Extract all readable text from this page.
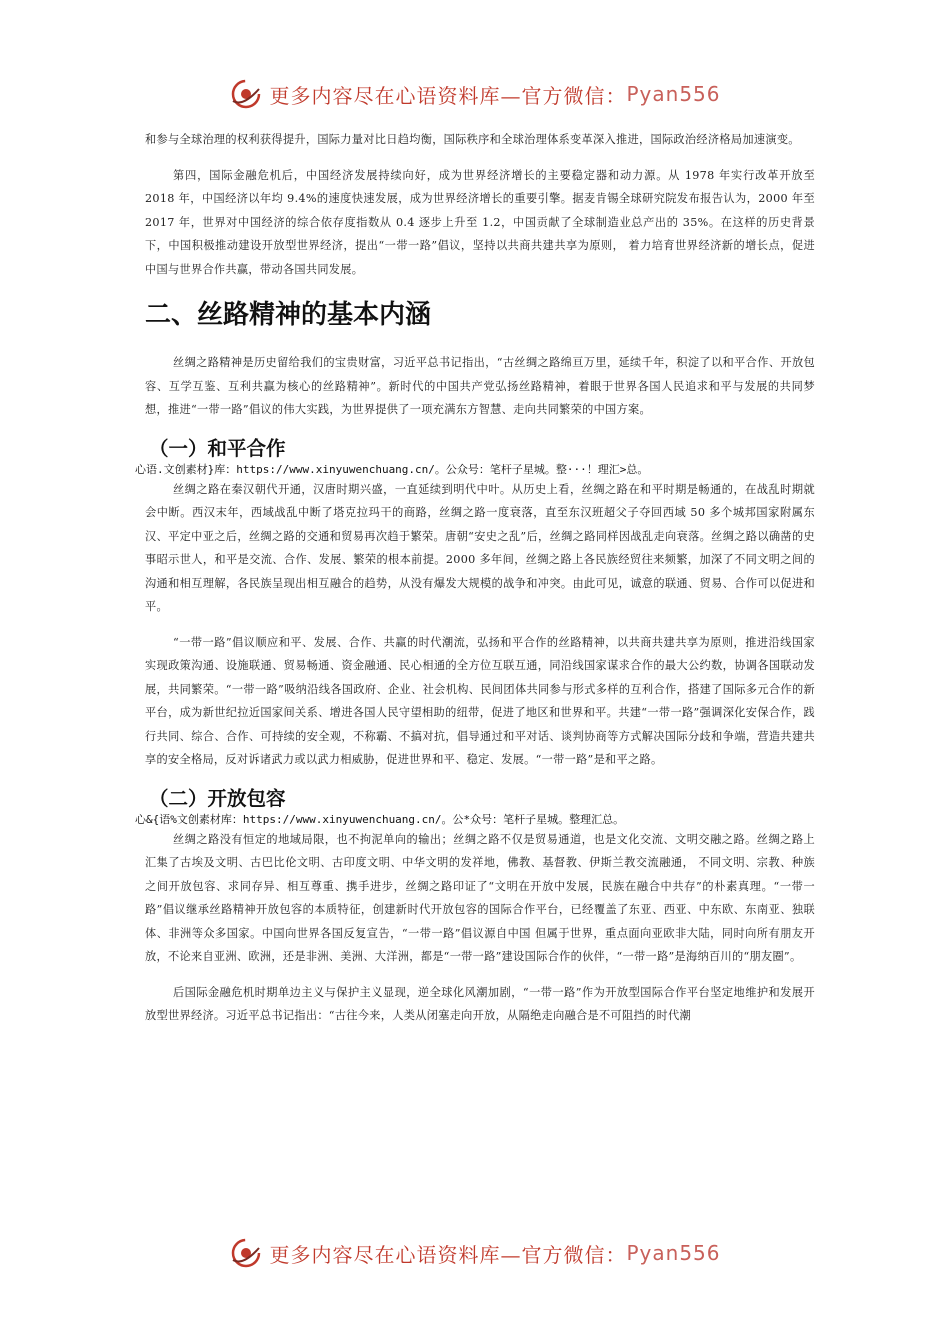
更多内容尽在心语资料库—官方微信： Pyan556

和参与全球治理的权利获得提升，国际力量对比日趋均衡，国际秩序和全球治理体系变革深入推进，国际政治经济格局加速演变。

第四，国际金融危机后，中国经济发展持续向好，成为世界经济增长的主要稳定器和动力源。从 1978 年实行改革开放至 2018 年，中国经济以年均 9.4%的速度快速发展，成为世界经济增长的重要引擎。据麦肯锡全球研究院发布报告认为，2000 年至 2017 年，世界对中国经济的综合依存度指数从 0.4 逐步上升至 1.2，中国贡献了全球制造业总产出的 35%。在这样的历史背景下，中国积极推动建设开放型世界经济，提出“一带一路”倡议，坚持以共商共建共享为原则， 着力培育世界经济新的增长点，促进中国与世界合作共赢，带动各国共同发展。

二、丝路精神的基本内涵

丝绸之路精神是历史留给我们的宝贵财富，习近平总书记指出，“古丝绸之路绵亘万里，延续千年，积淀了以和平合作、开放包容、互学互鉴、互利共赢为核心的丝路精神”。新时代的中国共产党弘扬丝路精神，着眼于世界各国人民追求和平与发展的共同梦想，推进“一带一路”倡议的伟大实践，为世界提供了一项充满东方智慧、走向共同繁荣的中国方案。

（一）和平合作
心语.文创素材}库：https://www.xinyuwenchuang.cn/。公众号：笔杆子星城。整···！理汇>总。

丝绸之路在秦汉朝代开通，汉唐时期兴盛，一直延续到明代中叶。从历史上看，丝绸之路在和平时期是畅通的，在战乱时期就会中断。西汉末年，西域战乱中断了塔克拉玛干的商路，丝绸之路一度衰落，直至东汉班超父子夺回西域 50 多个城邦国家附属东汉、平定中亚之后，丝绸之路的交通和贸易再次趋于繁荣。唐朝“安史之乱”后，丝绸之路同样因战乱走向衰落。丝绸之路以确凿的史事昭示世人，和平是交流、合作、发展、繁荣的根本前提。2000 多年间，丝绸之路上各民族经贸往来频繁，加深了不同文明之间的沟通和相互理解，各民族呈现出相互融合的趋势，从没有爆发大规模的战争和冲突。由此可见，诚意的联通、贸易、合作可以促进和平。

“一带一路”倡议顺应和平、发展、合作、共赢的时代潮流，弘扬和平合作的丝路精神，以共商共建共享为原则，推进沿线国家实现政策沟通、设施联通、贸易畅通、资金融通、民心相通的全方位互联互通，同沿线国家谋求合作的最大公约数，协调各国联动发展，共同繁荣。“一带一路”吸纳沿线各国政府、企业、社会机构、民间团体共同参与形式多样的互利合作，搭建了国际多元合作的新平台，成为新世纪拉近国家间关系、增进各国人民守望相助的纽带，促进了地区和世界和平。共建“一带一路”强调深化安保合作，践行共同、综合、合作、可持续的安全观，不称霸、不搞对抗，倡导通过和平对话、谈判协商等方式解决国际分歧和争端，营造共建共享的安全格局，反对诉诸武力或以武力相威胁，促进世界和平、稳定、发展。“一带一路”是和平之路。

（二）开放包容
心&{语%文创素材库：https://www.xinyuwenchuang.cn/。公*众号：笔杆子星城。整理汇总。

丝绸之路没有恒定的地域局限，也不拘泥单向的输出；丝绸之路不仅是贸易通道，也是文化交流、文明交融之路。丝绸之路上汇集了古埃及文明、古巴比伦文明、古印度文明、中华文明的发祥地，佛教、基督教、伊斯兰教交流融通， 不同文明、宗教、种族之间开放包容、求同存异、相互尊重、携手进步，丝绸之路印证了“文明在开放中发展，民族在融合中共存”的朴素真理。“一带一路”倡议继承丝路精神开放包容的本质特征，创建新时代开放包容的国际合作平台，已经覆盖了东亚、西亚、中东欧、东南亚、独联体、非洲等众多国家。中国向世界各国反复宣告，“一带一路”倡议源自中国 但属于世界，重点面向亚欧非大陆，同时向所有朋友开放，不论来自亚洲、欧洲，还是非洲、美洲、大洋洲，都是“一带一路”建设国际合作的伙伴，“一带一路”是海纳百川的“朋友圈”。

后国际金融危机时期单边主义与保护主义显现，逆全球化风潮加剧，“一带一路”作为开放型国际合作平台坚定地维护和发展开放型世界经济。习近平总书记指出：“古往今来，人类从闭塞走向开放，从隔绝走向融合是不可阻挡的时代潮

更多内容尽在心语资料库—官方微信： Pyan556
